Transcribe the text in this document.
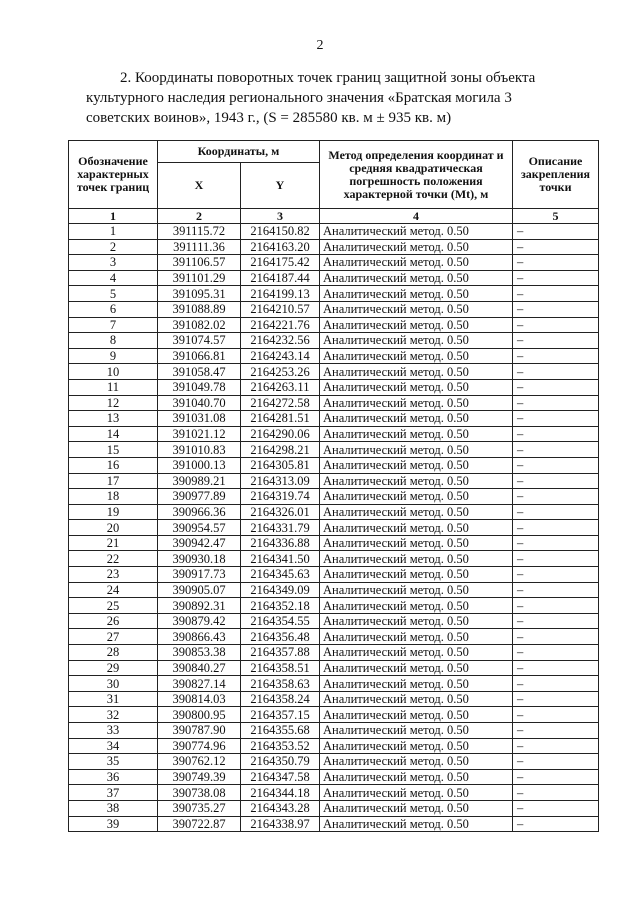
2
2. Координаты поворотных точек границ защитной зоны объекта
культурного наследия регионального значения «Братская могила 3
советских воинов», 1943 г., (S = 285580 кв. м ± 935 кв. м)
Обозначение характерных точек границ	Координаты, м		Метод определения координат и средняя квадратическая погрешность положения характерной точки (Mt), м	Описание закрепления точки
	X	Y		
1	2	3	4	5
1	391115.72	2164150.82	Аналитический метод. 0.50	–
2	391111.36	2164163.20	Аналитический метод. 0.50	–
3	391106.57	2164175.42	Аналитический метод. 0.50	–
4	391101.29	2164187.44	Аналитический метод. 0.50	–
5	391095.31	2164199.13	Аналитический метод. 0.50	–
6	391088.89	2164210.57	Аналитический метод. 0.50	–
7	391082.02	2164221.76	Аналитический метод. 0.50	–
8	391074.57	2164232.56	Аналитический метод. 0.50	–
9	391066.81	2164243.14	Аналитический метод. 0.50	–
10	391058.47	2164253.26	Аналитический метод. 0.50	–
11	391049.78	2164263.11	Аналитический метод. 0.50	–
12	391040.70	2164272.58	Аналитический метод. 0.50	–
13	391031.08	2164281.51	Аналитический метод. 0.50	–
14	391021.12	2164290.06	Аналитический метод. 0.50	–
15	391010.83	2164298.21	Аналитический метод. 0.50	–
16	391000.13	2164305.81	Аналитический метод. 0.50	–
17	390989.21	2164313.09	Аналитический метод. 0.50	–
18	390977.89	2164319.74	Аналитический метод. 0.50	–
19	390966.36	2164326.01	Аналитический метод. 0.50	–
20	390954.57	2164331.79	Аналитический метод. 0.50	–
21	390942.47	2164336.88	Аналитический метод. 0.50	–
22	390930.18	2164341.50	Аналитический метод. 0.50	–
23	390917.73	2164345.63	Аналитический метод. 0.50	–
24	390905.07	2164349.09	Аналитический метод. 0.50	–
25	390892.31	2164352.18	Аналитический метод. 0.50	–
26	390879.42	2164354.55	Аналитический метод. 0.50	–
27	390866.43	2164356.48	Аналитический метод. 0.50	–
28	390853.38	2164357.88	Аналитический метод. 0.50	–
29	390840.27	2164358.51	Аналитический метод. 0.50	–
30	390827.14	2164358.63	Аналитический метод. 0.50	–
31	390814.03	2164358.24	Аналитический метод. 0.50	–
32	390800.95	2164357.15	Аналитический метод. 0.50	–
33	390787.90	2164355.68	Аналитический метод. 0.50	–
34	390774.96	2164353.52	Аналитический метод. 0.50	–
35	390762.12	2164350.79	Аналитический метод. 0.50	–
36	390749.39	2164347.58	Аналитический метод. 0.50	–
37	390738.08	2164344.18	Аналитический метод. 0.50	–
38	390735.27	2164343.28	Аналитический метод. 0.50	–
39	390722.87	2164338.97	Аналитический метод. 0.50	–
